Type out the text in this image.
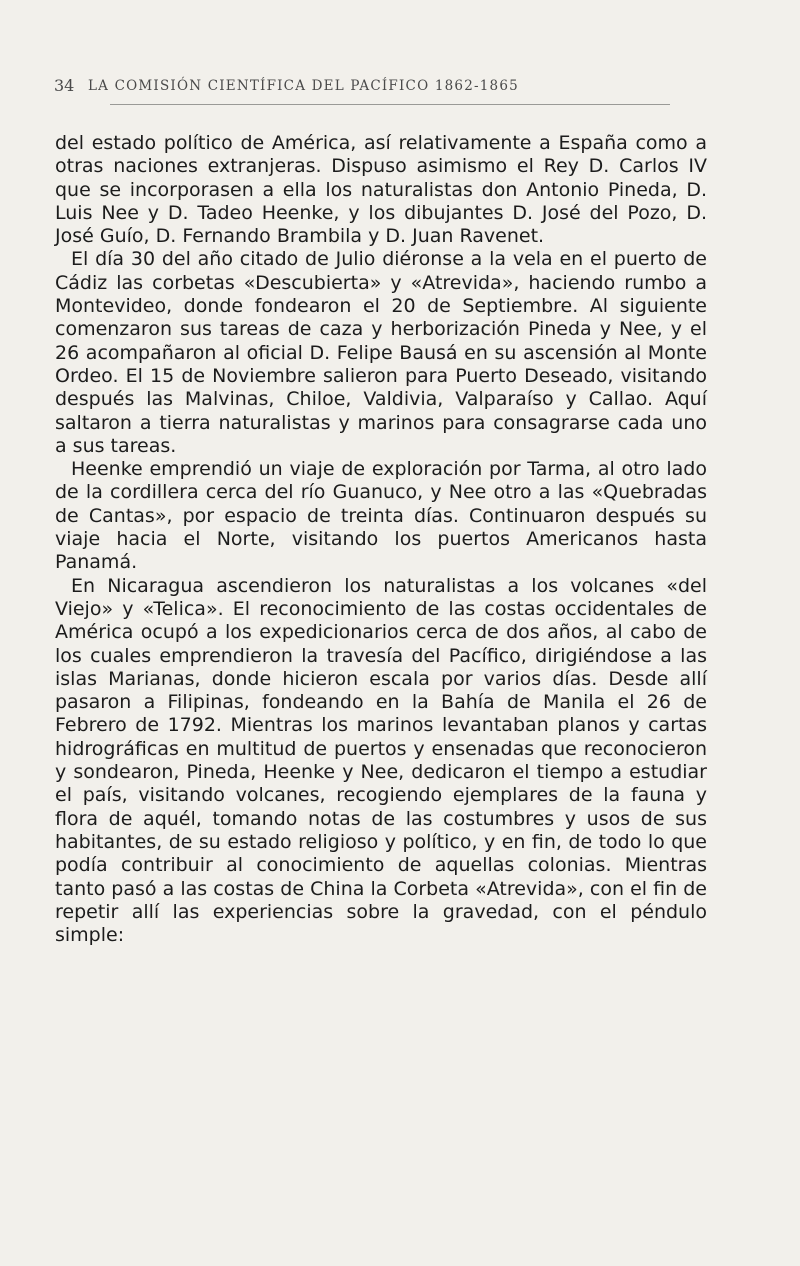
34 LA COMISIÓN CIENTÍFICA DEL PACÍFICO 1862-1865

del estado político de América, así relativamente a España como a otras naciones extranjeras. Dispuso asimismo el Rey D. Carlos IV que se incorporasen a ella los naturalistas don Antonio Pineda, D. Luis Nee y D. Tadeo Heenke, y los dibujantes D. José del Pozo, D. José Guío, D. Fernando Brambila y D. Juan Ravenet.

El día 30 del año citado de Julio diéronse a la vela en el puerto de Cádiz las corbetas «Descubierta» y «Atrevida», haciendo rumbo a Montevideo, donde fondearon el 20 de Septiembre. Al siguiente comenzaron sus tareas de caza y herborización Pineda y Nee, y el 26 acompañaron al oficial D. Felipe Bausá en su ascensión al Monte Ordeo. El 15 de Noviembre salieron para Puerto Deseado, visitando después las Malvinas, Chiloe, Valdivia, Valparaíso y Callao. Aquí saltaron a tierra naturalistas y marinos para consagrarse cada uno a sus tareas.

Heenke emprendió un viaje de exploración por Tarma, al otro lado de la cordillera cerca del río Guanuco, y Nee otro a las «Quebradas de Cantas», por espacio de treinta días. Continuaron después su viaje hacia el Norte, visitando los puertos Americanos hasta Panamá.

En Nicaragua ascendieron los naturalistas a los volcanes «del Viejo» y «Telica». El reconocimiento de las costas occidentales de América ocupó a los expedicionarios cerca de dos años, al cabo de los cuales emprendieron la travesía del Pacífico, dirigiéndose a las islas Marianas, donde hicieron escala por varios días. Desde allí pasaron a Filipinas, fondeando en la Bahía de Manila el 26 de Febrero de 1792. Mientras los marinos levantaban planos y cartas hidrográficas en multitud de puertos y ensenadas que reconocieron y sondearon, Pineda, Heenke y Nee, dedicaron el tiempo a estudiar el país, visitando volcanes, recogiendo ejemplares de la fauna y flora de aquél, tomando notas de las costumbres y usos de sus habitantes, de su estado religioso y político, y en fin, de todo lo que podía contribuir al conocimiento de aquellas colonias. Mientras tanto pasó a las costas de China la Corbeta «Atrevida», con el fin de repetir allí las experiencias sobre la gravedad, con el péndulo simple:
